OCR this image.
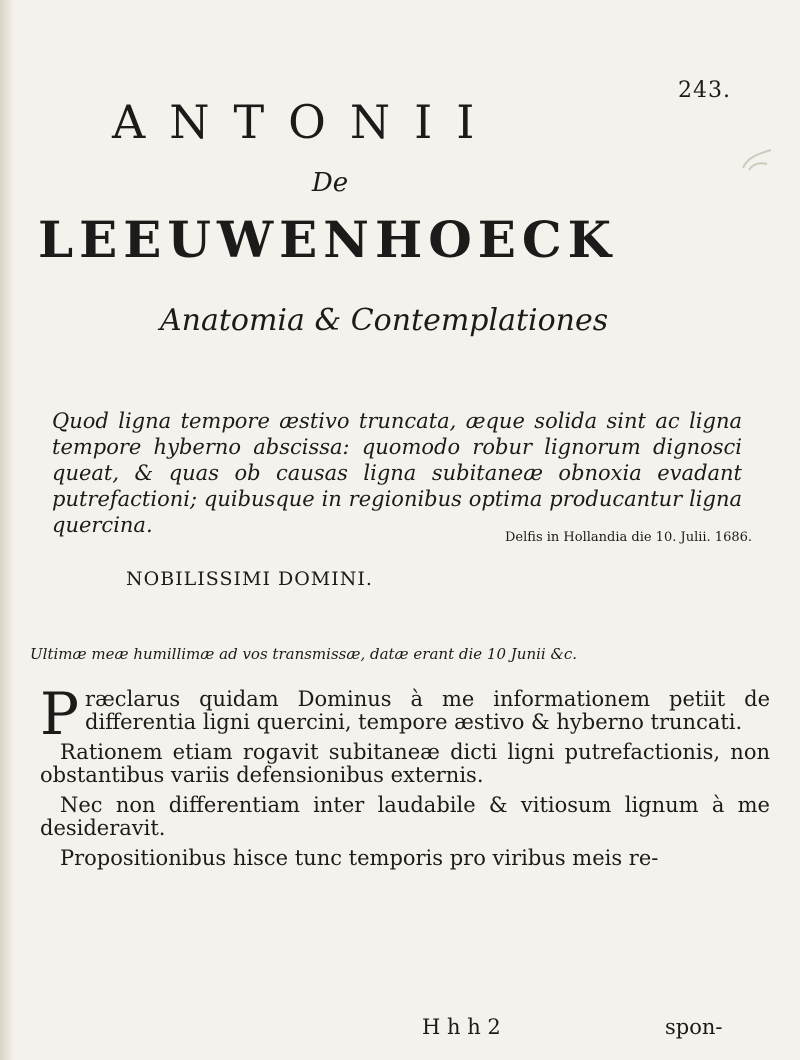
243.
ANTONII
De
LEEUWENHOECK
Anatomia & Contemplationes
Quod ligna tempore æstivo truncata, æque solida sint ac ligna tempore hyberno abscissa: quomodo robur lignorum dignosci queat, & quas ob causas ligna subitaneæ obnoxia evadant putrefactioni; quibusque in regionibus optima producantur ligna quercina.
Delfis in Hollandia die 10. Julii. 1686.
NOBILISSIMI DOMINI.
Ultimæ meæ humillimæ ad vos transmissæ, datæ erant die 10 Junii &c.

Præclarus quidam Dominus à me informationem petiit de differentia ligni quercini, tempore æstivo & hyberno truncati.

Rationem etiam rogavit subitaneæ dicti ligni putrefactionis, non obstantibus variis defensionibus externis.

Nec non differentiam inter laudabile & vitiosum lignum à me desideravit.

Propositionibus hisce tunc temporis pro viribus meis re-

H h h 2	spon-
